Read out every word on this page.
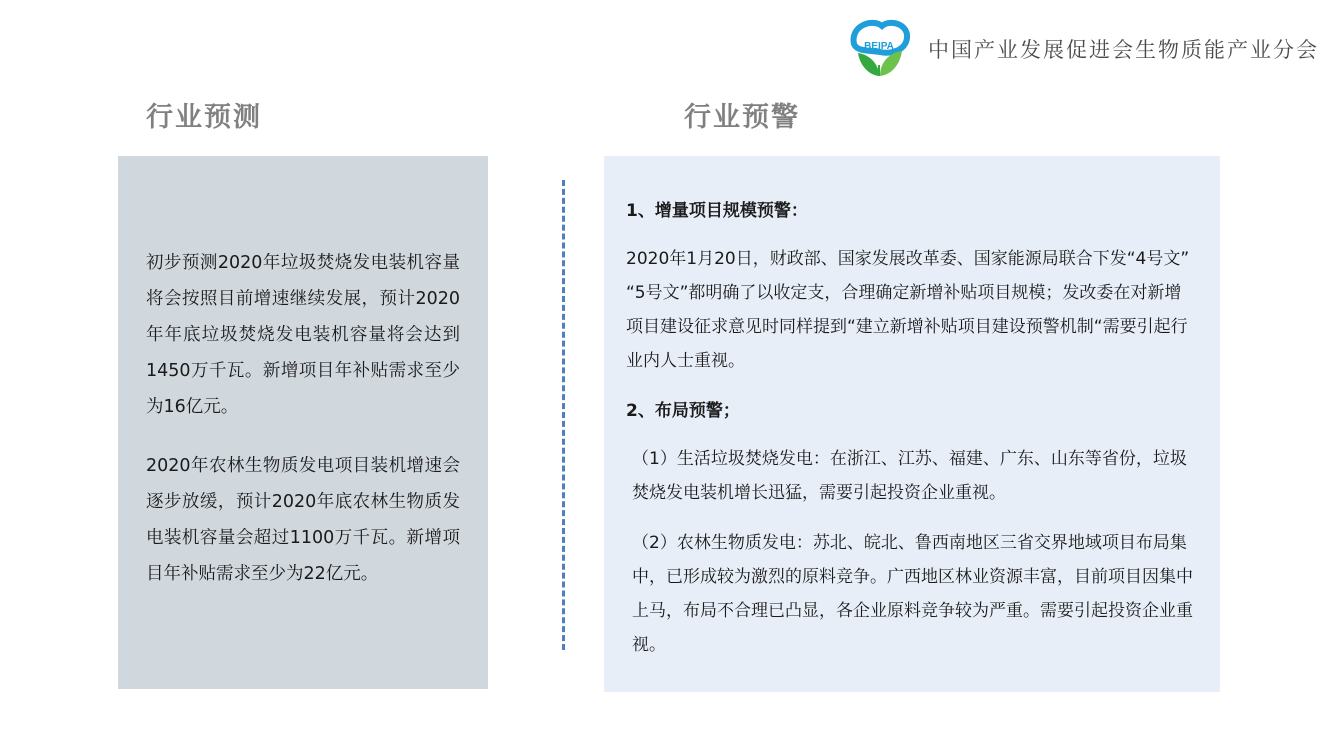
BEIPA 中国产业发展促进会生物质能产业分会
行业预测

初步预测2020年垃圾焚烧发电装机容量将会按照目前增速继续发展，预计2020年年底垃圾焚烧发电装机容量将会达到1450万千瓦。新增项目年补贴需求至少为16亿元。

2020年农林生物质发电项目装机增速会逐步放缓，预计2020年底农林生物质发电装机容量会超过1100万千瓦。新增项目年补贴需求至少为22亿元。

行业预警

1、增量项目规模预警：

2020年1月20日，财政部、国家发展改革委、国家能源局联合下发“4号文”“5号文”都明确了以收定支，合理确定新增补贴项目规模；发改委在对新增项目建设征求意见时同样提到“建立新增补贴项目建设预警机制“需要引起行业内人士重视。

2、布局预警；

（1）生活垃圾焚烧发电：在浙江、江苏、福建、广东、山东等省份，垃圾焚烧发电装机增长迅猛，需要引起投资企业重视。

（2）农林生物质发电：苏北、皖北、鲁西南地区三省交界地域项目布局集中，已形成较为激烈的原料竞争。广西地区林业资源丰富，目前项目因集中上马，布局不合理已凸显，各企业原料竞争较为严重。需要引起投资企业重视。
